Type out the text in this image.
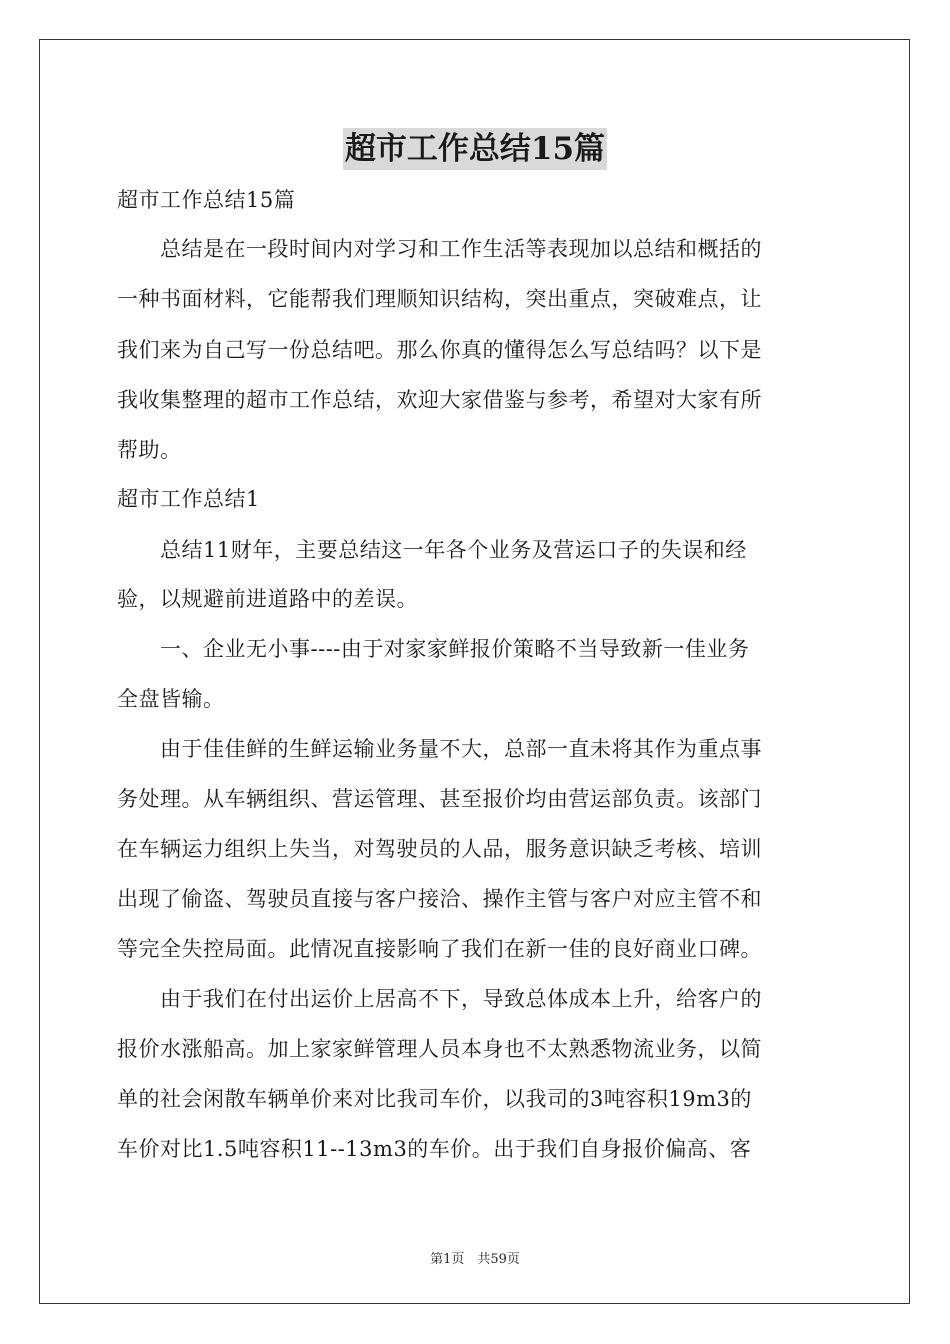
超市工作总结15篇
超市工作总结15篇
　　总结是在一段时间内对学习和工作生活等表现加以总结和概括的
一种书面材料，它能帮我们理顺知识结构，突出重点，突破难点，让
我们来为自己写一份总结吧。那么你真的懂得怎么写总结吗？以下是
我收集整理的超市工作总结，欢迎大家借鉴与参考，希望对大家有所
帮助。
超市工作总结1
　　总结11财年，主要总结这一年各个业务及营运口子的失误和经
验，以规避前进道路中的差误。
　　一、企业无小事----由于对家家鲜报价策略不当导致新一佳业务
全盘皆输。
　　由于佳佳鲜的生鲜运输业务量不大，总部一直未将其作为重点事
务处理。从车辆组织、营运管理、甚至报价均由营运部负责。该部门
在车辆运力组织上失当，对驾驶员的人品，服务意识缺乏考核、培训
出现了偷盗、驾驶员直接与客户接洽、操作主管与客户对应主管不和
等完全失控局面。此情况直接影响了我们在新一佳的良好商业口碑。
　　由于我们在付出运价上居高不下，导致总体成本上升，给客户的
报价水涨船高。加上家家鲜管理人员本身也不太熟悉物流业务，以简
单的社会闲散车辆单价来对比我司车价，以我司的3吨容积19m3的
车价对比1.5吨容积11--13m3的车价。出于我们自身报价偏高、客
第1页　共59页
